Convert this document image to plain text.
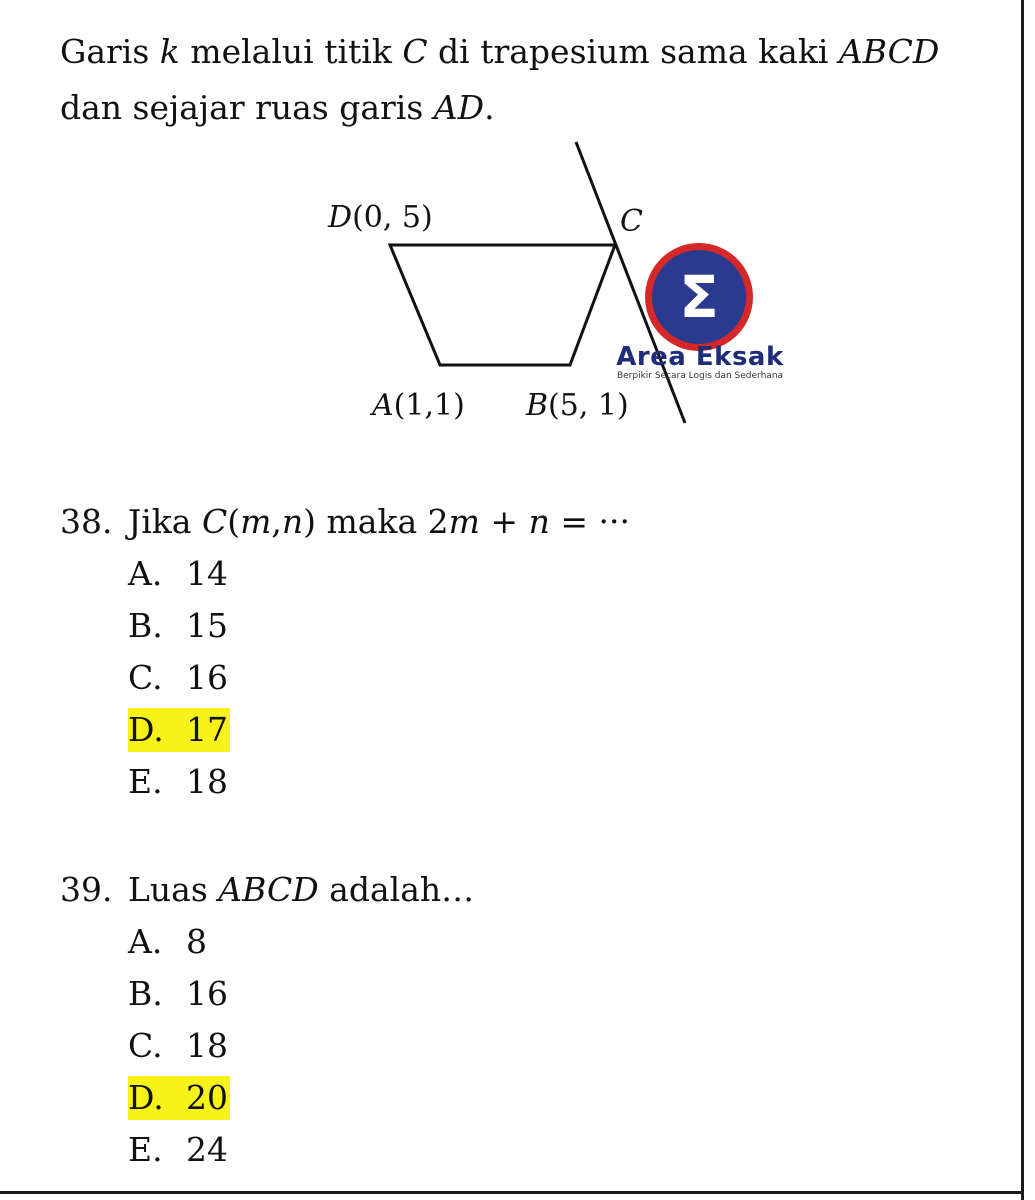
Garis k melalui titik C di trapesium sama kaki ABCD
dan sejajar ruas garis AD.
D(0, 5)	C
A(1,1) B(5, 1)
Σ
Area Eksak
Berpikir Secara Logis dan Sederhana
38. Jika C(m,n) maka 2m + n = ···
A. 14
B. 15
C. 16
D. 17
E. 18
39. Luas ABCD adalah…
A. 8
B. 16
C. 18
D. 20
E. 24
